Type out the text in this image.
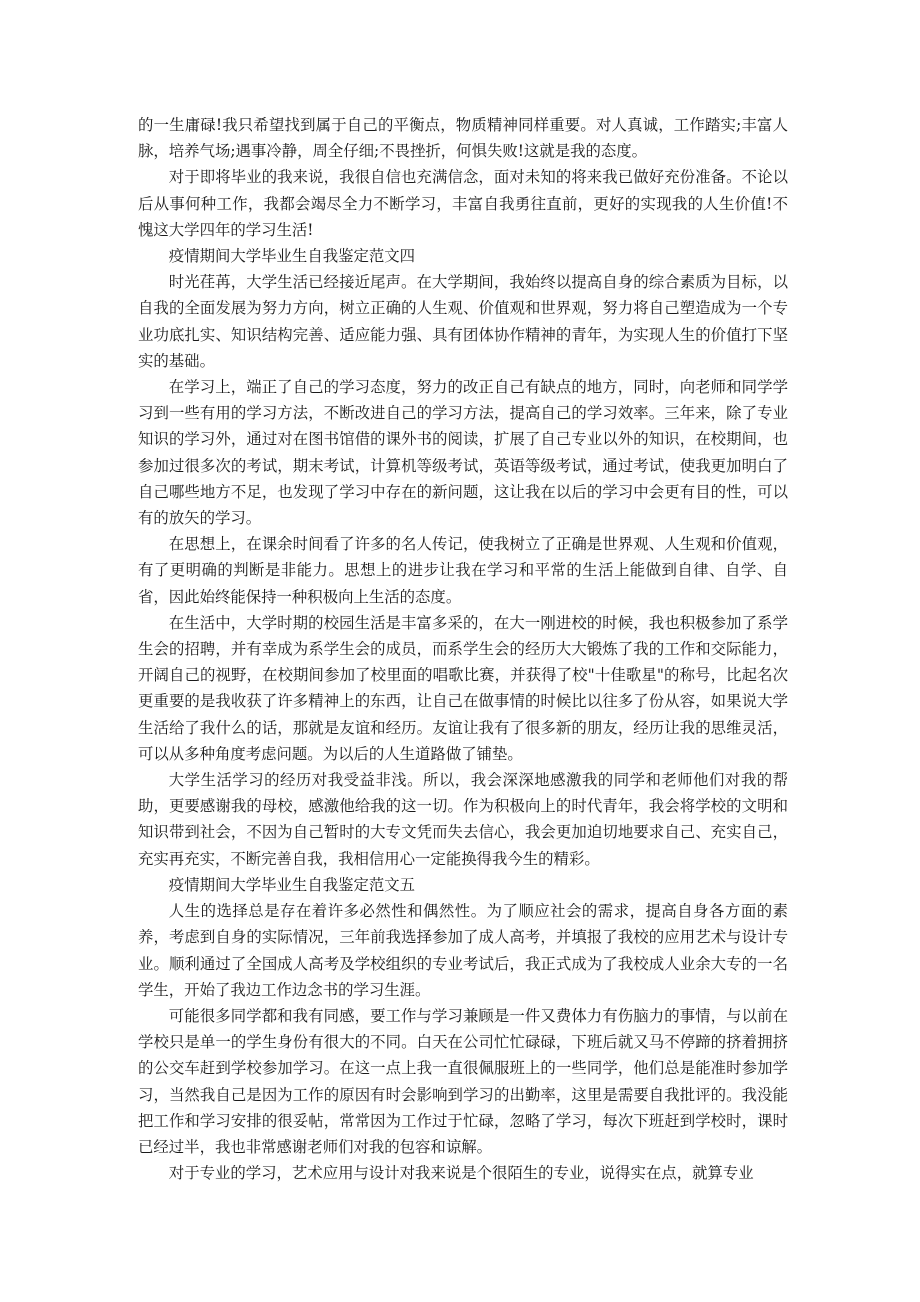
的一生庸碌!我只希望找到属于自己的平衡点，物质精神同样重要。对人真诚，工作踏实;丰富人脉，培养气场;遇事冷静，周全仔细;不畏挫折，何惧失败!这就是我的态度。

对于即将毕业的我来说，我很自信也充满信念，面对未知的将来我已做好充份准备。不论以后从事何种工作，我都会竭尽全力不断学习，丰富自我勇往直前，更好的实现我的人生价值!不愧这大学四年的学习生活!

疫情期间大学毕业生自我鉴定范文四

时光荏苒，大学生活已经接近尾声。在大学期间，我始终以提高自身的综合素质为目标，以自我的全面发展为努力方向，树立正确的人生观、价值观和世界观，努力将自己塑造成为一个专业功底扎实、知识结构完善、适应能力强、具有团体协作精神的青年，为实现人生的价值打下坚实的基础。

在学习上，端正了自己的学习态度，努力的改正自己有缺点的地方，同时，向老师和同学学习到一些有用的学习方法，不断改进自己的学习方法，提高自己的学习效率。三年来，除了专业知识的学习外，通过对在图书馆借的课外书的阅读，扩展了自己专业以外的知识，在校期间，也参加过很多次的考试，期末考试，计算机等级考试，英语等级考试，通过考试，使我更加明白了自己哪些地方不足，也发现了学习中存在的新问题，这让我在以后的学习中会更有目的性，可以有的放矢的学习。

在思想上，在课余时间看了许多的名人传记，使我树立了正确是世界观、人生观和价值观，有了更明确的判断是非能力。思想上的进步让我在学习和平常的生活上能做到自律、自学、自省，因此始终能保持一种积极向上生活的态度。

在生活中，大学时期的校园生活是丰富多采的，在大一刚进校的时候，我也积极参加了系学生会的招聘，并有幸成为系学生会的成员，而系学生会的经历大大锻炼了我的工作和交际能力，开阔自己的视野，在校期间参加了校里面的唱歌比赛，并获得了校"十佳歌星"的称号，比起名次更重要的是我收获了许多精神上的东西，让自己在做事情的时候比以往多了份从容，如果说大学生活给了我什么的话，那就是友谊和经历。友谊让我有了很多新的朋友，经历让我的思维灵活，可以从多种角度考虑问题。为以后的人生道路做了铺垫。

大学生活学习的经历对我受益非浅。所以，我会深深地感激我的同学和老师他们对我的帮助，更要感谢我的母校，感激他给我的这一切。作为积极向上的时代青年，我会将学校的文明和知识带到社会，不因为自己暂时的大专文凭而失去信心，我会更加迫切地要求自己、充实自己，充实再充实，不断完善自我，我相信用心一定能换得我今生的精彩。

疫情期间大学毕业生自我鉴定范文五

人生的选择总是存在着许多必然性和偶然性。为了顺应社会的需求，提高自身各方面的素养，考虑到自身的实际情况，三年前我选择参加了成人高考，并填报了我校的应用艺术与设计专业。顺利通过了全国成人高考及学校组织的专业考试后，我正式成为了我校成人业余大专的一名学生，开始了我边工作边念书的学习生涯。

可能很多同学都和我有同感，要工作与学习兼顾是一件又费体力有伤脑力的事情，与以前在学校只是单一的学生身份有很大的不同。白天在公司忙忙碌碌，下班后就又马不停蹄的挤着拥挤的公交车赶到学校参加学习。在这一点上我一直很佩服班上的一些同学，他们总是能准时参加学习，当然我自己是因为工作的原因有时会影响到学习的出勤率，这里是需要自我批评的。我没能把工作和学习安排的很妥帖，常常因为工作过于忙碌，忽略了学习，每次下班赶到学校时，课时已经过半，我也非常感谢老师们对我的包容和谅解。

对于专业的学习，艺术应用与设计对我来说是个很陌生的专业，说得实在点，就算专业
